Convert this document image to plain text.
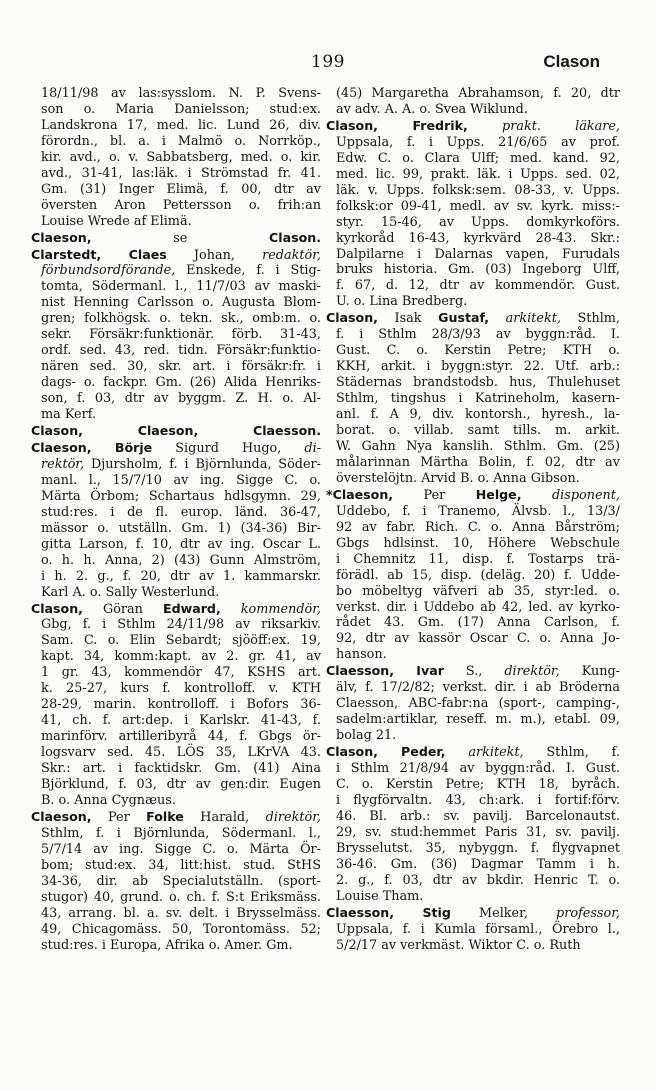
199	Clason
18/11/98 av las:sysslom. N. P. Svens-
son o. Maria Danielsson; stud:ex.
Landskrona 17, med. lic. Lund 26, div.
förordn., bl. a. i Malmö o. Norrköp.,
kir. avd., o. v. Sabbatsberg, med. o. kir.
avd., 31-41, las:läk. i Strömstad fr. 41.
Gm. (31) Inger Elimä, f. 00, dtr av
översten Aron Pettersson o. frih:an
Louise Wrede af Elimä.
Claeson, se Clason.
Clarstedt, Claes Johan, redaktör,
förbundsordförande, Enskede, f. i Stig-
tomta, Södermanl. l., 11/7/03 av maski-
nist Henning Carlsson o. Augusta Blom-
gren; folkhögsk. o. tekn. sk., omb:m. o.
sekr. Försäkr:funktionär. förb. 31-43,
ordf. sed. 43, red. tidn. Försäkr:funktio-
nären sed. 30, skr. art. i försäkr:fr. i
dags- o. fackpr. Gm. (26) Alida Henriks-
son, f. 03, dtr av byggm. Z. H. o. Al-
ma Kerf.
Clason, Claeson, Claesson.
Claeson, Börje Sigurd Hugo, di-
rektör, Djursholm, f. i Björnlunda, Söder-
manl. l., 15/7/10 av ing. Sigge C. o.
Märta Örbom; Schartaus hdlsgymn. 29,
stud:res. i de fl. europ. länd. 36-47,
mässor o. utställn. Gm. 1) (34-36) Bir-
gitta Larson, f. 10, dtr av ing. Oscar L.
o. h. h. Anna, 2) (43) Gunn Almström,
i h. 2. g., f. 20, dtr av 1. kammarskr.
Karl A. o. Sally Westerlund.
Clason, Göran Edward, kommendör,
Gbg, f. i Sthlm 24/11/98 av riksarkiv.
Sam. C. o. Elin Sebardt; sjööff:ex. 19,
kapt. 34, komm:kapt. av 2. gr. 41, av
1 gr. 43, kommendör 47, KSHS art.
k. 25-27, kurs f. kontrolloff. v. KTH
28-29, marin. kontrolloff. i Bofors 36-
41, ch. f. art:dep. i Karlskr. 41-43, f.
marinförv. artilleribyrå 44, f. Gbgs ör-
logsvarv sed. 45. LÖS 35, LKrVA 43.
Skr.: art. i facktidskr. Gm. (41) Aina
Björklund, f. 03, dtr av gen:dir. Eugen
B. o. Anna Cygnæus.
Claeson, Per Folke Harald, direktör,
Sthlm, f. i Björnlunda, Södermanl. l.,
5/7/14 av ing. Sigge C. o. Märta Ör-
bom; stud:ex. 34, litt:hist. stud. StHS
34-36, dir. ab Specialutställn. (sport-
stugor) 40, grund. o. ch. f. S:t Eriksmäss.
43, arrang. bl. a. sv. delt. i Brysselmäss.
49, Chicagomäss. 50, Torontomäss. 52;
stud:res. i Europa, Afrika o. Amer. Gm.
(45) Margaretha Abrahamson, f. 20, dtr
av adv. A. A. o. Svea Wiklund.
Clason, Fredrik,	prakt. läkare,
Uppsala, f. i Upps. 21/6/65 av prof.
Edw. C. o. Clara Ulff; med. kand. 92,
med. lic. 99, prakt. läk. i Upps. sed. 02,
läk. v. Upps. folksk:sem. 08-33, v. Upps.
folksk:or 09-41, medl. av sv. kyrk. miss:-
styr. 15-46, av Upps. domkyrkoförs.
kyrkoråd 16-43, kyrkvärd 28-43. Skr.:
Dalpilarne i Dalarnas vapen, Furudals
bruks historia. Gm. (03) Ingeborg Ulff,
f. 67, d. 12, dtr av kommendör. Gust.
U. o. Lina Bredberg.
Clason, Isak Gustaf, arkitekt, Sthlm,
f. i Sthlm 28/3/93 av byggn:råd. I.
Gust. C. o. Kerstin Petre; KTH o.
KKH, arkit. i byggn:styr. 22. Utf. arb.:
Städernas brandstodsb. hus, Thulehuset
Sthlm, tingshus i Katrineholm, kasern-
anl. f. A 9, div. kontorsh., hyresh., la-
borat. o. villab. samt tills. m. arkit.
W. Gahn Nya kanslih. Sthlm. Gm. (25)
målarinnan Märtha Bolin, f. 02, dtr av
överstelöjtn. Arvid B. o. Anna Gibson.
*Claeson, Per Helge, disponent,
Uddebo, f. i Tranemo, Älvsb. l., 13/3/
92 av fabr. Rich. C. o. Anna Bårström;
Gbgs hdlsinst. 10, Höhere Webschule
i Chemnitz 11, disp. f. Tostarps trä-
förädl. ab 15, disp. (deläg. 20) f. Udde-
bo möbeltyg väfveri ab 35, styr:led. o.
verkst. dir. i Uddebo ab 42, led. av kyrko-
rådet 43. Gm. (17) Anna Carlson, f.
92, dtr av kassör Oscar C. o. Anna Jo-
hanson.
Claesson, Ivar S., direktör, Kung-
älv, f. 17/2/82; verkst. dir. i ab Bröderna
Claesson, ABC-fabr:na (sport-, camping-,
sadelm:artiklar, reseff. m. m.), etabl. 09,
bolag 21.
Clason, Peder, arkitekt, Sthlm, f.
i Sthlm 21/8/94 av byggn:råd. I. Gust.
C. o. Kerstin Petre; KTH 18, byråch.
i flygförvaltn. 43, ch:ark. i fortif:förv.
46. Bl. arb.: sv. pavilj. Barcelonautst.
29, sv. stud:hemmet Paris 31, sv. pavilj.
Brysselutst. 35, nybyggn. f. flygvapnet
36-46. Gm. (36) Dagmar Tamm i h.
2. g., f. 03, dtr av bkdir. Henric T. o.
Louise Tham.
Claesson, Stig Melker, professor,
Uppsala, f. i Kumla församl., Örebro l.,
5/2/17 av verkmäst. Wiktor C. o. Ruth
